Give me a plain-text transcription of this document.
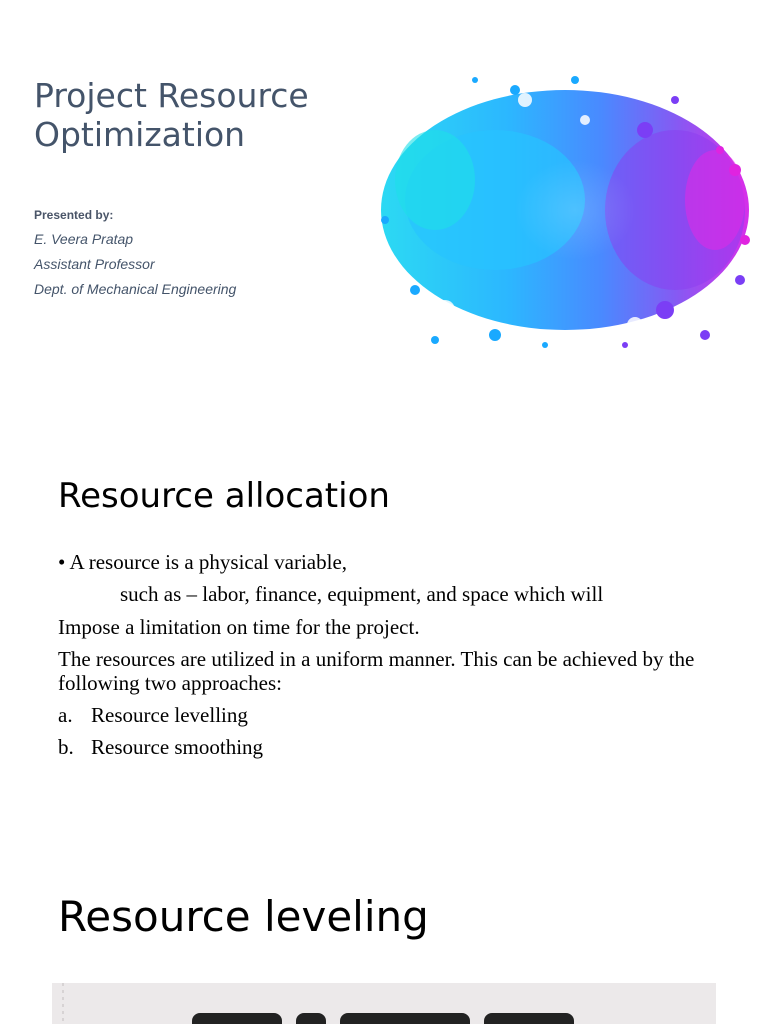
Project Resource
Optimization
Presented by:
E. Veera Pratap
Assistant Professor
Dept. of Mechanical Engineering
Resource allocation
• A resource is a physical variable,
such as – labor, finance, equipment, and space which will
Impose a limitation on time for the project.
The resources are utilized in a uniform manner. This can be achieved by the following two approaches:
a. Resource levelling
b. Resource smoothing
Resource leveling
